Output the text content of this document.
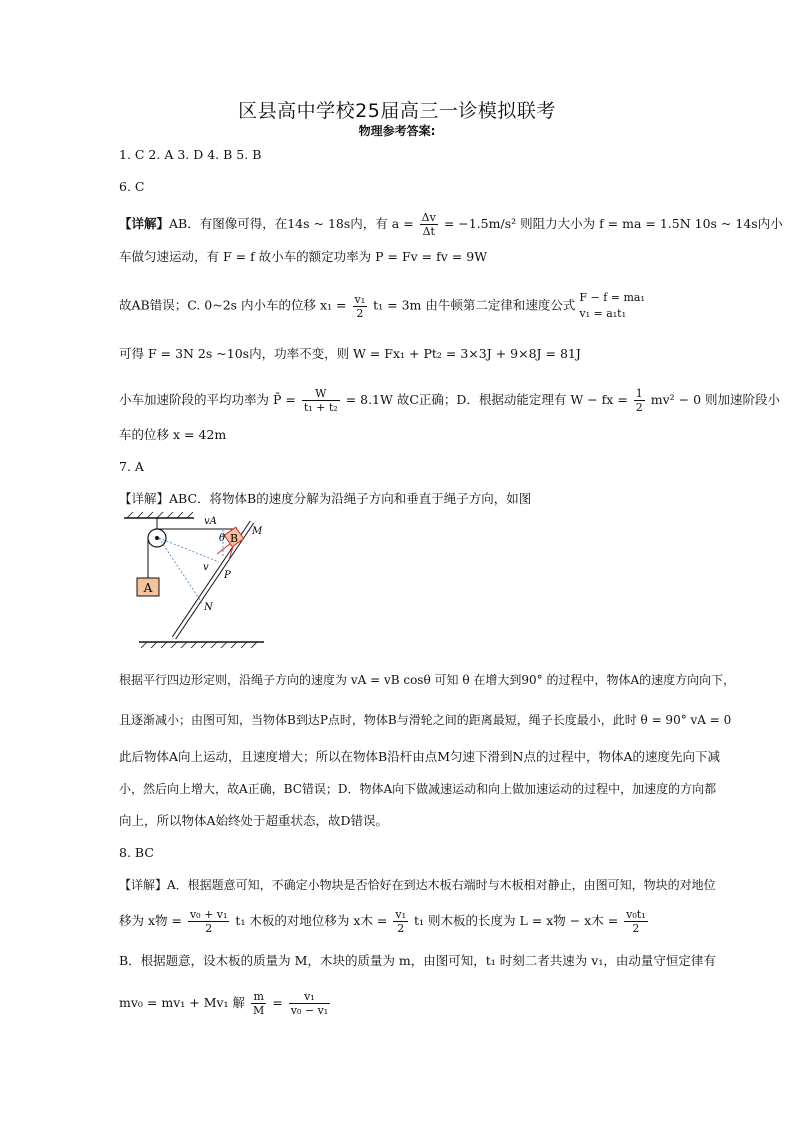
区县高中学校25届高三一诊模拟联考
物理参考答案:
1. C 2. A 3. D 4. B 5. B
6. C
【详解】AB．有图像可得，在14s ~ 18s内，有 $a = \frac{\Delta v}{\Delta t} = -1.5m/s^2$ 则阻力大小为 f = ma = 1.5N 10s ~ 14s内小
车做匀速运动，有 F = f 故小车的额定功率为 P = Fv = fv = 9W
故AB错误；C. 0~2s 内小车的位移 $x_1 = \frac{\text{v₁}}{2} t_1 = 3m$ 由牛顿第二定律和速度公式 F − f = ma₁
v₁ = a₁t₁
可得 F = 3N 2s ~10s内，功率不变，则 W = Fx₁ + Pt₂ = 3×3J + 9×8J = 81J
小车加速阶段的平均功率为 P̄ = $\frac{W}{\text{t₁ + t₂}} = 8.1W$ 故C正确；D．根据动能定理有 W − fx = $\frac{1}{2} mv^2 - 0$ 则加速阶段小
车的位移 x = 42m
7. A
【详解】ABC．将物体B的速度分解为沿绳子方向和垂直于绳子方向，如图
A
B
vA
θ
M
v
P
N
根据平行四边形定则，沿绳子方向的速度为 vA = vB cosθ 可知 θ 在增大到90° 的过程中，物体A的速度方向向下，
且逐渐减小；由图可知，当物体B到达P点时，物体B与滑轮之间的距离最短，绳子长度最小，此时 θ = 90° vA = 0
此后物体A向上运动，且速度增大；所以在物体B沿杆由点M匀速下滑到N点的过程中，物体A的速度先向下减
小，然后向上增大，故A正确，BC错误；D．物体A向下做减速运动和向上做加速运动的过程中，加速度的方向都
向上，所以物体A始终处于超重状态，故D错误。
8. BC
【详解】A．根据题意可知，不确定小物块是否恰好在到达木板右端时与木板相对静止，由图可知，物块的对地位
移为 x物 = $\frac{\text{v₀ + v₁}}{2} t_1$ 木板的对地位移为 x木 = $\frac{\text{v₁}}{2} t_1$ 则木板的长度为 L = x物 − x木 = $\frac{\text{v₀t₁}}{2}$
B．根据题意，设木板的质量为 M，木块的质量为 m，由图可知，t₁ 时刻二者共速为 v₁，由动量守恒定律有
mv₀ = mv₁ + Mv₁ 解 $\frac{m}{M} = \frac{\text{v₁}}{\text{v₀ − v₁}}$
